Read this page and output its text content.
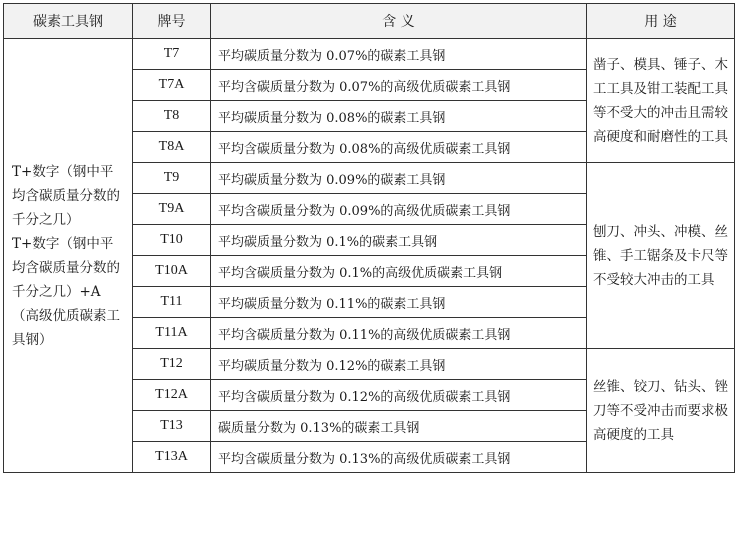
碳素工具钢	牌号	含 义	用 途

T+数字（钢中平均含碳质量分数的千分之几）
T+数字（钢中平均含碳质量分数的千分之几）+A（高级优质碳素工具钢）	T7	平均碳质量分数为 0.07%的碳素工具钢	凿子、模具、锤子、木工工具及钳工装配工具等不受大的冲击且需较高硬度和耐磨性的工具
	T7A	平均含碳质量分数为 0.07%的高级优质碳素工具钢	
	T8	平均碳质量分数为 0.08%的碳素工具钢	
	T8A	平均含碳质量分数为 0.08%的高级优质碳素工具钢	
	T9	平均碳质量分数为 0.09%的碳素工具钢	刨刀、冲头、冲模、丝锥、手工锯条及卡尺等不受较大冲击的工具
	T9A	平均含碳质量分数为 0.09%的高级优质碳素工具钢	
	T10	平均碳质量分数为 0.1%的碳素工具钢	
	T10A	平均含碳质量分数为 0.1%的高级优质碳素工具钢	
	T11	平均碳质量分数为 0.11%的碳素工具钢	
	T11A	平均含碳质量分数为 0.11%的高级优质碳素工具钢	
	T12	平均碳质量分数为 0.12%的碳素工具钢	丝锥、铰刀、钻头、锉刀等不受冲击而要求极高硬度的工具
	T12A	平均含碳质量分数为 0.12%的高级优质碳素工具钢	
	T13	碳质量分数为 0.13%的碳素工具钢	
	T13A	平均含碳质量分数为 0.13%的高级优质碳素工具钢	
